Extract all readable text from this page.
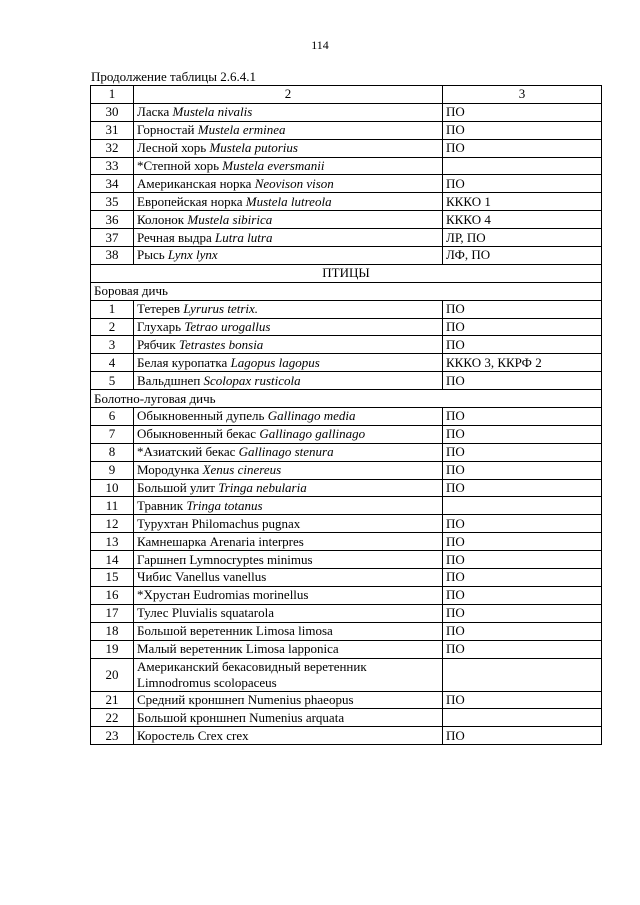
114
Продолжение таблицы 2.6.4.1
1	2	3
30	Ласка Mustela nivalis	ПО
31	Горностай Mustela erminea	ПО
32	Лесной хорь Mustela putorius	ПО
33	*Степной хорь Mustela eversmanii	
34	Американская норка Neovison vison	ПО
35	Европейская норка Mustela lutreola	КККО 1
36	Колонок Mustela sibirica	КККО 4
37	Речная выдра Lutra lutra	ЛР, ПО
38	Рысь Lynx lynx	ЛФ, ПО
ПТИЦЫ		
Боровая дичь		
1	Тетерев Lyrurus tetrix.	ПО
2	Глухарь Tetrao urogallus	ПО
3	Рябчик Tetrastes bonsia	ПО
4	Белая куропатка Lagopus lagopus	КККО 3, ККРФ 2
5	Вальдшнеп Scolopax rusticola	ПО
Болотно-луговая дичь		
6	Обыкновенный дупель Gallinago media	ПО
7	Обыкновенный бекас Gallinago gallinago	ПО
8	*Азиатский бекас Gallinago stenura	ПО
9	Мородунка Xenus cinereus	ПО
10	Большой улит Tringa nebularia	ПО
11	Травник Tringa totanus	
12	Турухтан Philomachus pugnax	ПО
13	Камнешарка Arenaria interpres	ПО
14	Гаршнеп Lymnocryptes minimus	ПО
15	Чибис Vanellus vanellus	ПО
16	*Хрустан Eudromias morinellus	ПО
17	Тулес Pluvialis squatarola	ПО
18	Большой веретенник Limosa limosa	ПО
19	Малый веретенник Limosa lapponica	ПО
20	Американский бекасовидный веретенник
Limnodromus scolopaceus	

21	Средний кроншнеп Numenius phaeopus	ПО
22	Большой кроншнеп Numenius arquata	
23	Коростель Crex crex	ПО
